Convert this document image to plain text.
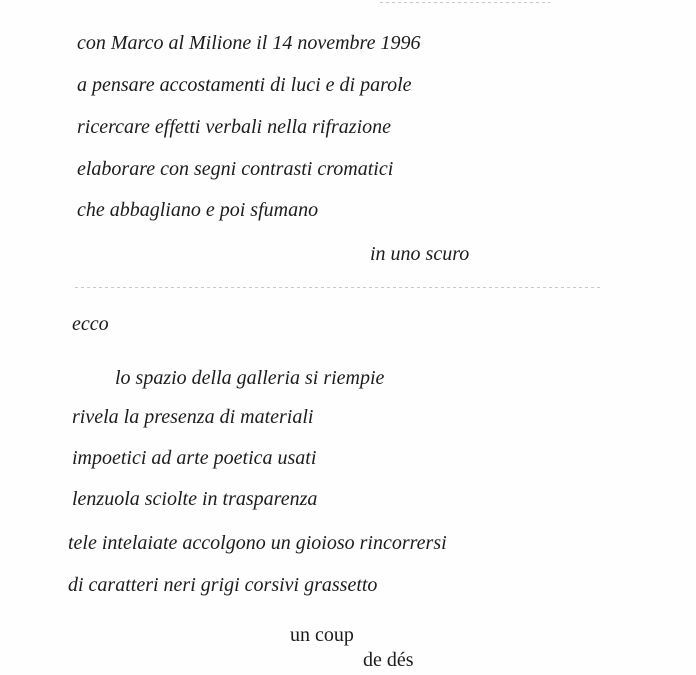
con Marco al Milione il 14 novembre 1996
a pensare accostamenti di luci e di parole
ricercare effetti verbali nella rifrazione
elaborare con segni contrasti cromatici
che abbagliano e poi sfumano
in uno scuro
ecco
lo spazio della galleria si riempie
rivela la presenza di materiali
impoetici ad arte poetica usati
lenzuola sciolte in trasparenza
tele intelaiate accolgono un gioioso rincorrersi
di caratteri neri grigi corsivi grassetto
un coup
de dés
